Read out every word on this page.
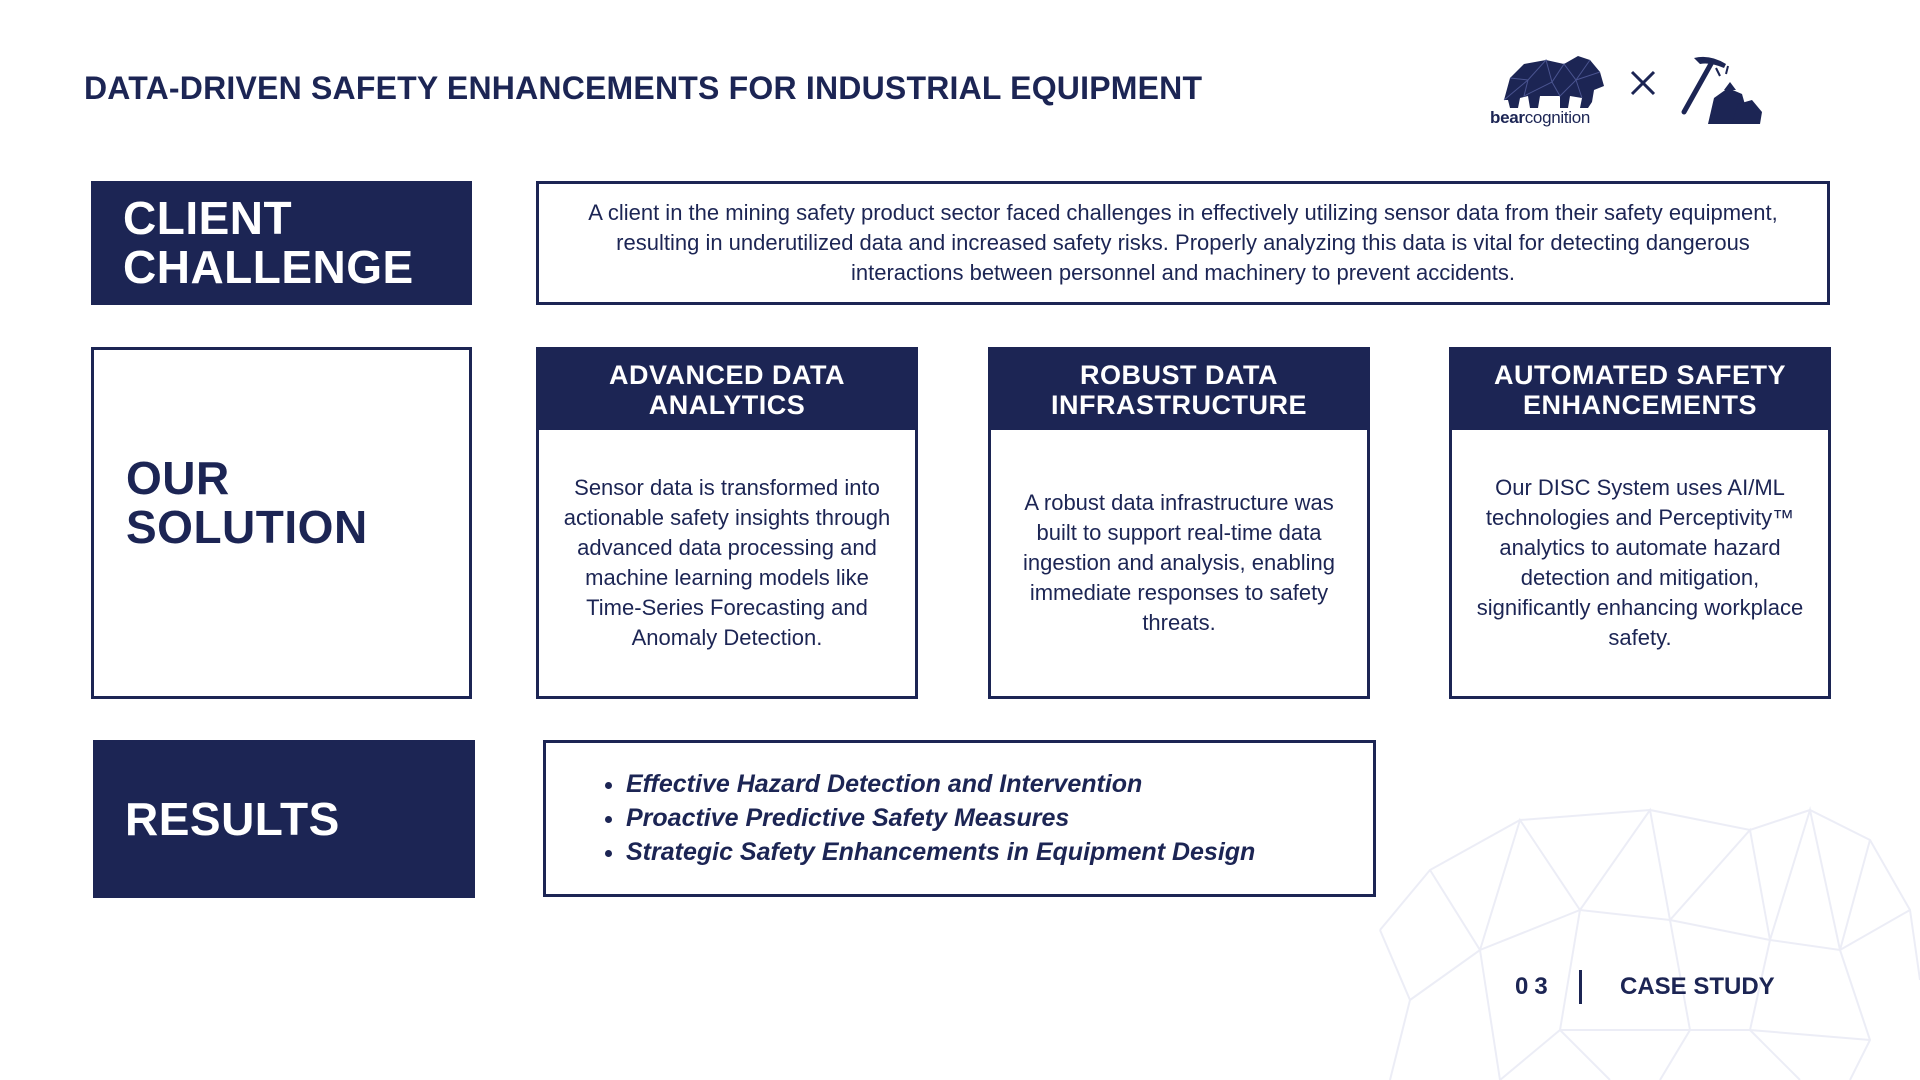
DATA-DRIVEN SAFETY ENHANCEMENTS FOR INDUSTRIAL EQUIPMENT
bearcognition
CLIENT
CHALLENGE
A client in the mining safety product sector faced challenges in effectively utilizing sensor data from their safety equipment, resulting in underutilized data and increased safety risks. Properly analyzing this data is vital for detecting dangerous interactions between personnel and machinery to prevent accidents.
OUR
SOLUTION
ADVANCED DATA
ANALYTICS
Sensor data is transformed into actionable safety insights through advanced data processing and machine learning models like Time-Series Forecasting and Anomaly Detection.
ROBUST DATA
INFRASTRUCTURE
A robust data infrastructure was built to support real-time data ingestion and analysis, enabling immediate responses to safety threats.
AUTOMATED SAFETY
ENHANCEMENTS
Our DISC System uses AI/ML technologies and Perceptivity™ analytics to automate hazard detection and mitigation, significantly enhancing workplace safety.
RESULTS
• Effective Hazard Detection and Intervention
• Proactive Predictive Safety Measures
• Strategic Safety Enhancements in Equipment Design
03	CASE STUDY
